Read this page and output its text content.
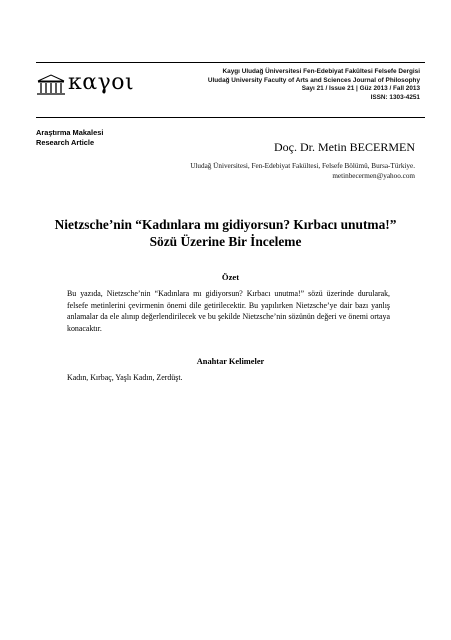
καγοι	Kaygı Uludağ Üniversitesi Fen-Edebiyat Fakültesi Felsefe Dergisi
Uludağ University Faculty of Arts and Sciences Journal of Philosophy
Sayı 21 / Issue 21 | Güz 2013 / Fall 2013
ISSN: 1303-4251
Araştırma Makalesi
Research Article	Doç. Dr. Metin BECERMEN
Uludağ Üniversitesi, Fen-Edebiyat Fakültesi, Felsefe Bölümü, Bursa-Türkiye.
metinbecermen@yahoo.com
Nietzsche’nin “Kadınlara mı gidiyorsun? Kırbacı unutma!”
Sözü Üzerine Bir İnceleme
Özet
Bu yazıda, Nietzsche’nin “Kadınlara mı gidiyorsun? Kırbacı unutma!” sözü üzerinde durularak, felsefe metinlerini çevirmenin önemi dile getirilecektir. Bu yapılırken Nietzsche’ye dair bazı yanlış anlamalar da ele alınıp değerlendirilecek ve bu şekilde Nietzsche’nin sözünün değeri ve önemi ortaya konacaktır.
Anahtar Kelimeler
Kadın, Kırbaç, Yaşlı Kadın, Zerdüşt.
